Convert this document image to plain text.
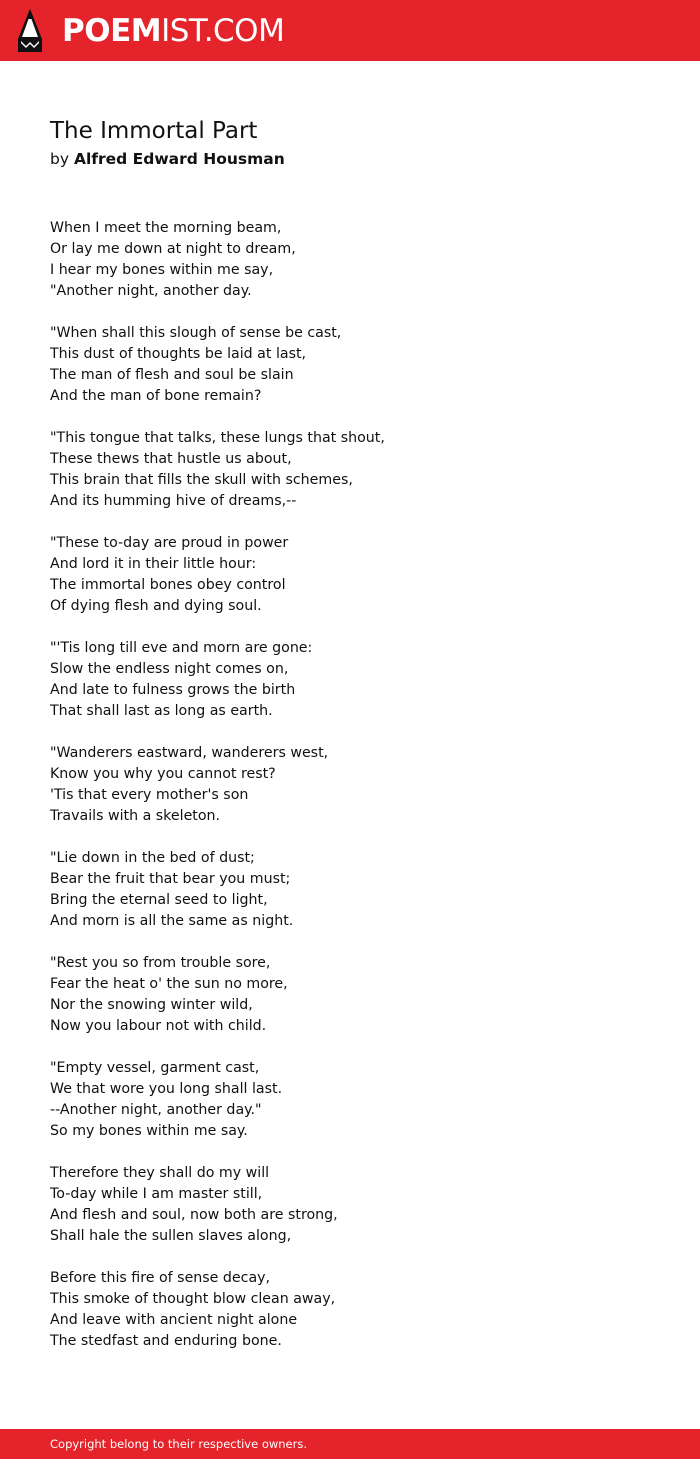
POEMIST.COM
The Immortal Part
by Alfred Edward Housman
When I meet the morning beam,
Or lay me down at night to dream,
I hear my bones within me say,
"Another night, another day.
"When shall this slough of sense be cast,
This dust of thoughts be laid at last,
The man of flesh and soul be slain
And the man of bone remain?
"This tongue that talks, these lungs that shout,
These thews that hustle us about,
This brain that fills the skull with schemes,
And its humming hive of dreams,--
"These to-day are proud in power
And lord it in their little hour:
The immortal bones obey control
Of dying flesh and dying soul.
"'Tis long till eve and morn are gone:
Slow the endless night comes on,
And late to fulness grows the birth
That shall last as long as earth.
"Wanderers eastward, wanderers west,
Know you why you cannot rest?
'Tis that every mother's son
Travails with a skeleton.
"Lie down in the bed of dust;
Bear the fruit that bear you must;
Bring the eternal seed to light,
And morn is all the same as night.
"Rest you so from trouble sore,
Fear the heat o' the sun no more,
Nor the snowing winter wild,
Now you labour not with child.
"Empty vessel, garment cast,
We that wore you long shall last.
--Another night, another day."
So my bones within me say.
Therefore they shall do my will
To-day while I am master still,
And flesh and soul, now both are strong,
Shall hale the sullen slaves along,
Before this fire of sense decay,
This smoke of thought blow clean away,
And leave with ancient night alone
The stedfast and enduring bone.
Copyright belong to their respective owners.
